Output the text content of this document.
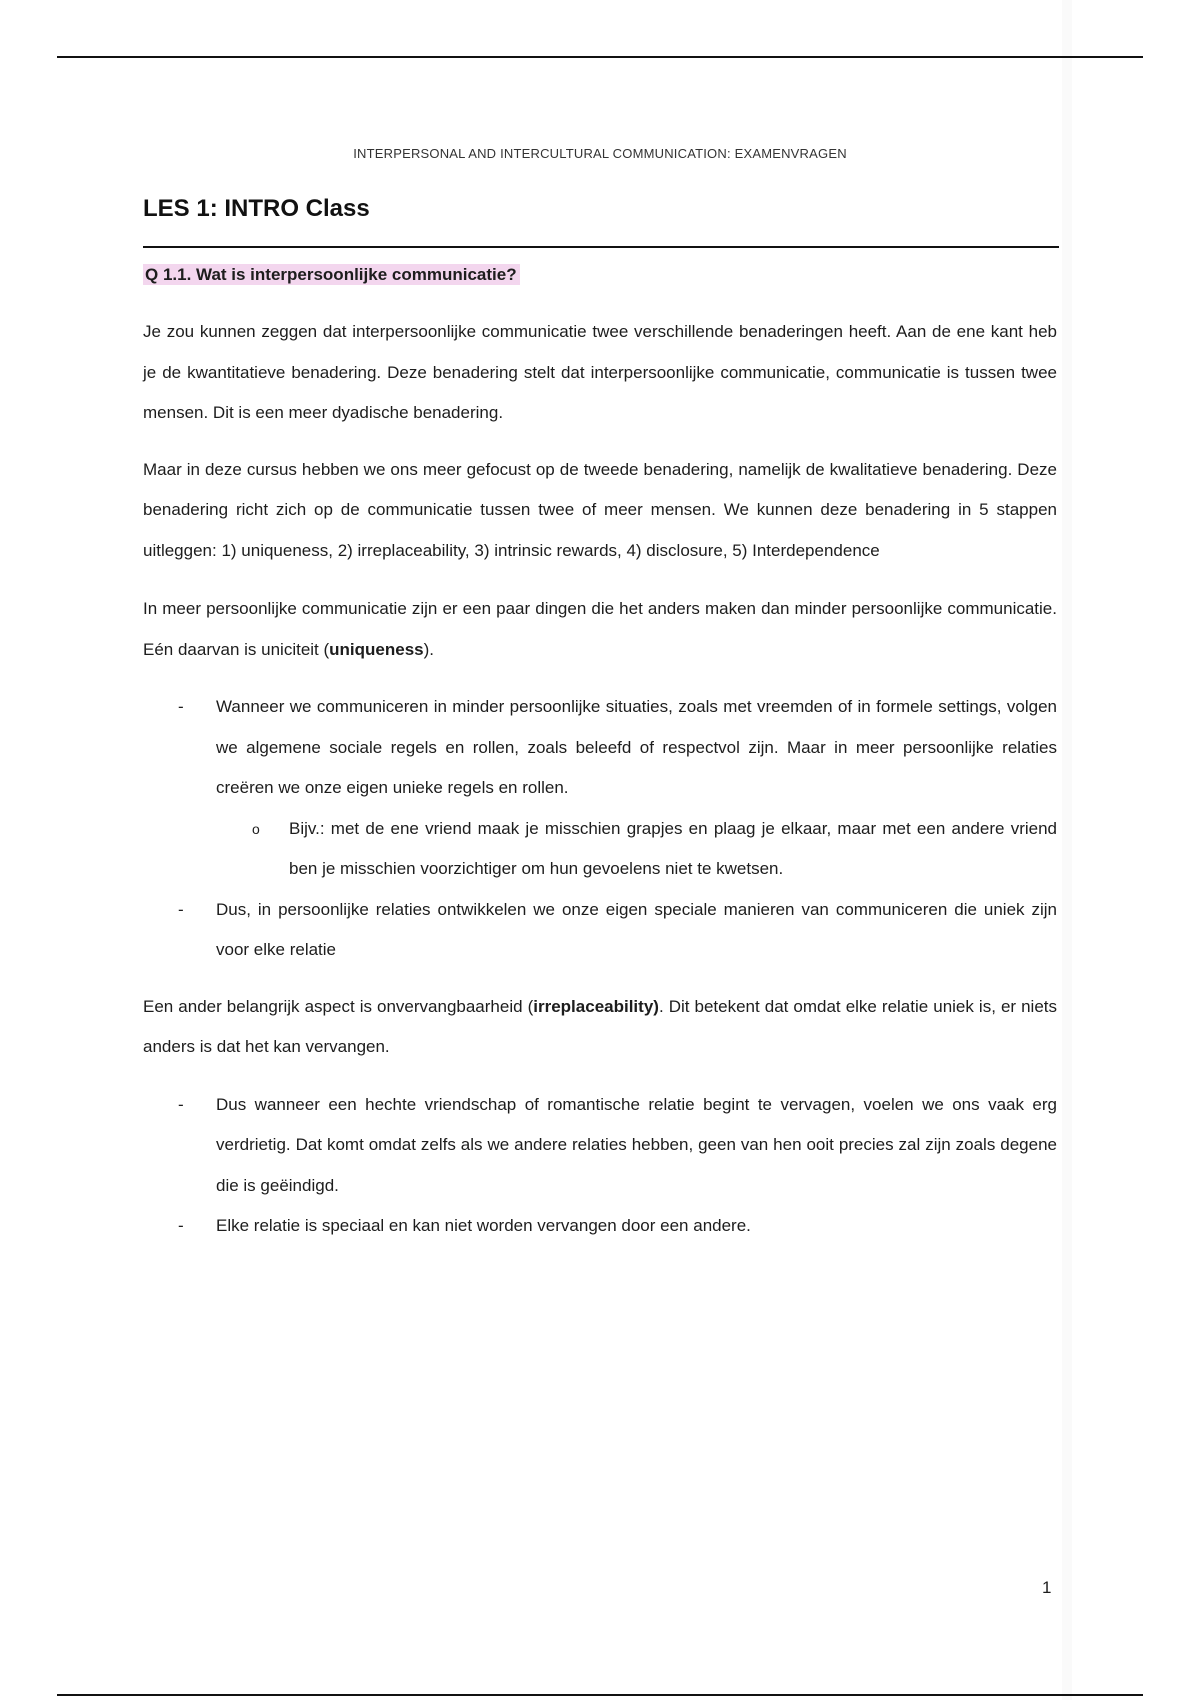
INTERPERSONAL AND INTERCULTURAL COMMUNICATION: EXAMENVRAGEN
LES 1: INTRO Class
Q 1.1. Wat is interpersoonlijke communicatie?

Je zou kunnen zeggen dat interpersoonlijke communicatie twee verschillende benaderingen heeft. Aan de ene kant heb je de kwantitatieve benadering. Deze benadering stelt dat interpersoonlijke communicatie, communicatie is tussen twee mensen. Dit is een meer dyadische benadering.

Maar in deze cursus hebben we ons meer gefocust op de tweede benadering, namelijk de kwalitatieve benadering. Deze benadering richt zich op de communicatie tussen twee of meer mensen. We kunnen deze benadering in 5 stappen uitleggen: 1) uniqueness, 2) irreplaceability, 3) intrinsic rewards, 4) disclosure, 5) Interdependence

In meer persoonlijke communicatie zijn er een paar dingen die het anders maken dan minder persoonlijke communicatie. Eén daarvan is uniciteit (uniqueness).

- Wanneer we communiceren in minder persoonlijke situaties, zoals met vreemden of in formele settings, volgen we algemene sociale regels en rollen, zoals beleefd of respectvol zijn. Maar in meer persoonlijke relaties creëren we onze eigen unieke regels en rollen.
o Bijv.: met de ene vriend maak je misschien grapjes en plaag je elkaar, maar met een andere vriend ben je misschien voorzichtiger om hun gevoelens niet te kwetsen.
- Dus, in persoonlijke relaties ontwikkelen we onze eigen speciale manieren van communiceren die uniek zijn voor elke relatie

Een ander belangrijk aspect is onvervangbaarheid (irreplaceability). Dit betekent dat omdat elke relatie uniek is, er niets anders is dat het kan vervangen.

- Dus wanneer een hechte vriendschap of romantische relatie begint te vervagen, voelen we ons vaak erg verdrietig. Dat komt omdat zelfs als we andere relaties hebben, geen van hen ooit precies zal zijn zoals degene die is geëindigd.
- Elke relatie is speciaal en kan niet worden vervangen door een andere.
1
